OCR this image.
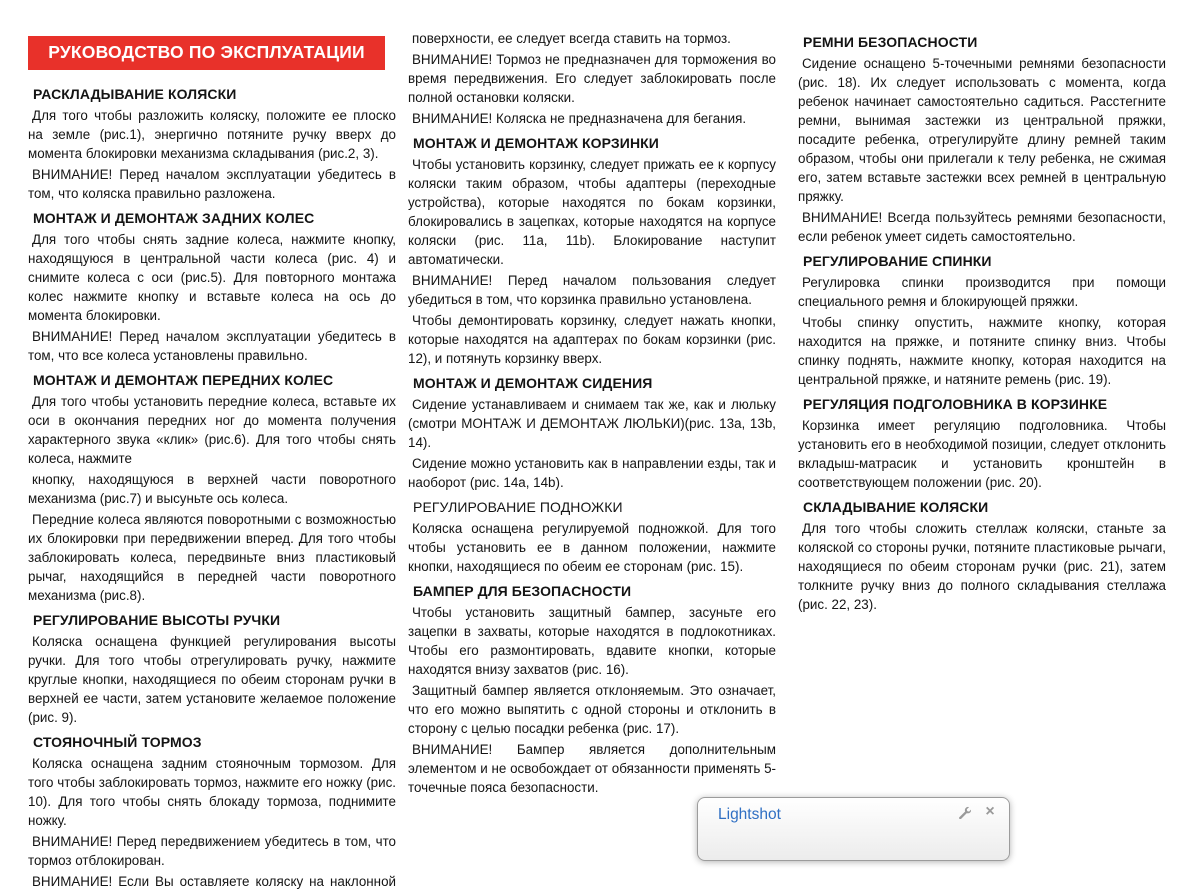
РУКОВОДСТВО ПО ЭКСПЛУАТАЦИИ
РАСКЛАДЫВАНИЕ КОЛЯСКИ

Для того чтобы разложить коляску, положите ее плоско на земле (рис.1), энергично потяните ручку вверх до момента блокировки механизма складывания (рис.2, 3).

ВНИМАНИЕ! Перед началом эксплуатации убедитесь в том, что коляска правильно разложена.

МОНТАЖ И ДЕМОНТАЖ ЗАДНИХ КОЛЕС

Для того чтобы снять задние колеса, нажмите кнопку, находящуюся в центральной части колеса (рис. 4) и снимите колеса с оси (рис.5). Для повторного монтажа колес нажмите кнопку и вставьте колеса на ось до момента блокировки.

ВНИМАНИЕ! Перед началом эксплуатации убедитесь в том, что все колеса установлены правильно.

МОНТАЖ И ДЕМОНТАЖ ПЕРЕДНИХ КОЛЕС

Для того чтобы установить передние колеса, вставьте их оси в окончания передних ног до момента получения характерного звука «клик» (рис.6). Для того чтобы снять колеса, нажмите

кнопку, находящуюся в верхней части поворотного механизма (рис.7) и высуньте ось колеса.

Передние колеса являются поворотными с возможностью их блокировки при передвижении вперед. Для того чтобы заблокировать колеса, передвиньте вниз пластиковый рычаг, находящийся в передней части поворотного механизма (рис.8).

РЕГУЛИРОВАНИЕ ВЫСОТЫ РУЧКИ

Коляска оснащена функцией регулирования высоты ручки. Для того чтобы отрегулировать ручку, нажмите круглые кнопки, находящиеся по обеим сторонам ручки в верхней ее части, затем установите желаемое положение (рис. 9).

СТОЯНОЧНЫЙ ТОРМОЗ

Коляска оснащена задним стояночным тормозом. Для того чтобы заблокировать тормоз, нажмите его ножку (рис. 10). Для того чтобы снять блокаду тормоза, поднимите ножку.

ВНИМАНИЕ! Перед передвижением убедитесь в том, что тормоз отблокирован.

ВНИМАНИЕ! Если Вы оставляете коляску на наклонной

поверхности, ее следует всегда ставить на тормоз.

ВНИМАНИЕ! Тормоз не предназначен для торможения во время передвижения. Его следует заблокировать после полной остановки коляски.

ВНИМАНИЕ! Коляска не предназначена для бегания.

МОНТАЖ И ДЕМОНТАЖ КОРЗИНКИ

Чтобы установить корзинку, следует прижать ее к корпусу коляски таким образом, чтобы адаптеры (переходные устройства), которые находятся по бокам корзинки, блокировались в зацепках, которые находятся на корпусе коляски (рис. 11a, 11b). Блокирование наступит автоматически.

ВНИМАНИЕ! Перед началом пользования следует убедиться в том, что корзинка правильно установлена.

Чтобы демонтировать корзинку, следует нажать кнопки, которые находятся на адаптерах по бокам корзинки (рис. 12), и потянуть корзинку вверх.

МОНТАЖ И ДЕМОНТАЖ СИДЕНИЯ

Сидение устанавливаем и снимаем так же, как и люльку (смотри МОНТАЖ И ДЕМОНТАЖ ЛЮЛЬКИ)(рис. 13a, 13b, 14).

Сидение можно установить как в направлении езды, так и наоборот (рис. 14a, 14b).

РЕГУЛИРОВАНИЕ ПОДНОЖКИ

Коляска оснащена регулируемой подножкой. Для того чтобы установить ее в данном положении, нажмите кнопки, находящиеся по обеим ее сторонам (рис. 15).

БАМПЕР ДЛЯ БЕЗОПАСНОСТИ

Чтобы установить защитный бампер, засуньте его зацепки в захваты, которые находятся в подлокотниках. Чтобы его размонтировать, вдавите кнопки, которые находятся внизу захватов (рис. 16).

Защитный бампер является отклоняемым. Это означает, что его можно выпятить с одной стороны и отклонить в сторону с целью посадки ребенка (рис. 17).

ВНИМАНИЕ! Бампер является дополнительным элементом и не освобождает от обязанности применять 5-точечные пояса безопасности.

РЕМНИ БЕЗОПАСНОСТИ

Сидение оснащено 5-точечными ремнями безопасности (рис. 18). Их следует использовать с момента, когда ребенок начинает самостоятельно садиться. Расстегните ремни, вынимая застежки из центральной пряжки, посадите ребенка, отрегулируйте длину ремней таким образом, чтобы они прилегали к телу ребенка, не сжимая его, затем вставьте застежки всех ремней в центральную пряжку.

ВНИМАНИЕ! Всегда пользуйтесь ремнями безопасности, если ребенок умеет сидеть самостоятельно.

РЕГУЛИРОВАНИЕ СПИНКИ

Регулировка спинки производится при помощи специального ремня и блокирующей пряжки.

Чтобы спинку опустить, нажмите кнопку, которая находится на пряжке, и потяните спинку вниз. Чтобы спинку поднять, нажмите кнопку, которая находится на центральной пряжке, и натяните ремень (рис. 19).

РЕГУЛЯЦИЯ ПОДГОЛОВНИКА В КОРЗИНКЕ

Корзинка имеет регуляцию подголовника. Чтобы установить его в необходимой позиции, следует отклонить вкладыш-матрасик и установить кронштейн в соответствующем положении (рис. 20).

СКЛАДЫВАНИЕ КОЛЯСКИ

Для того чтобы сложить стеллаж коляски, станьте за коляской со стороны ручки, потяните пластиковые рычаги, находящиеся по обеим сторонам ручки (рис. 21), затем толкните ручку вниз до полного складывания стеллажа (рис. 22, 23).

Lightshot	×
